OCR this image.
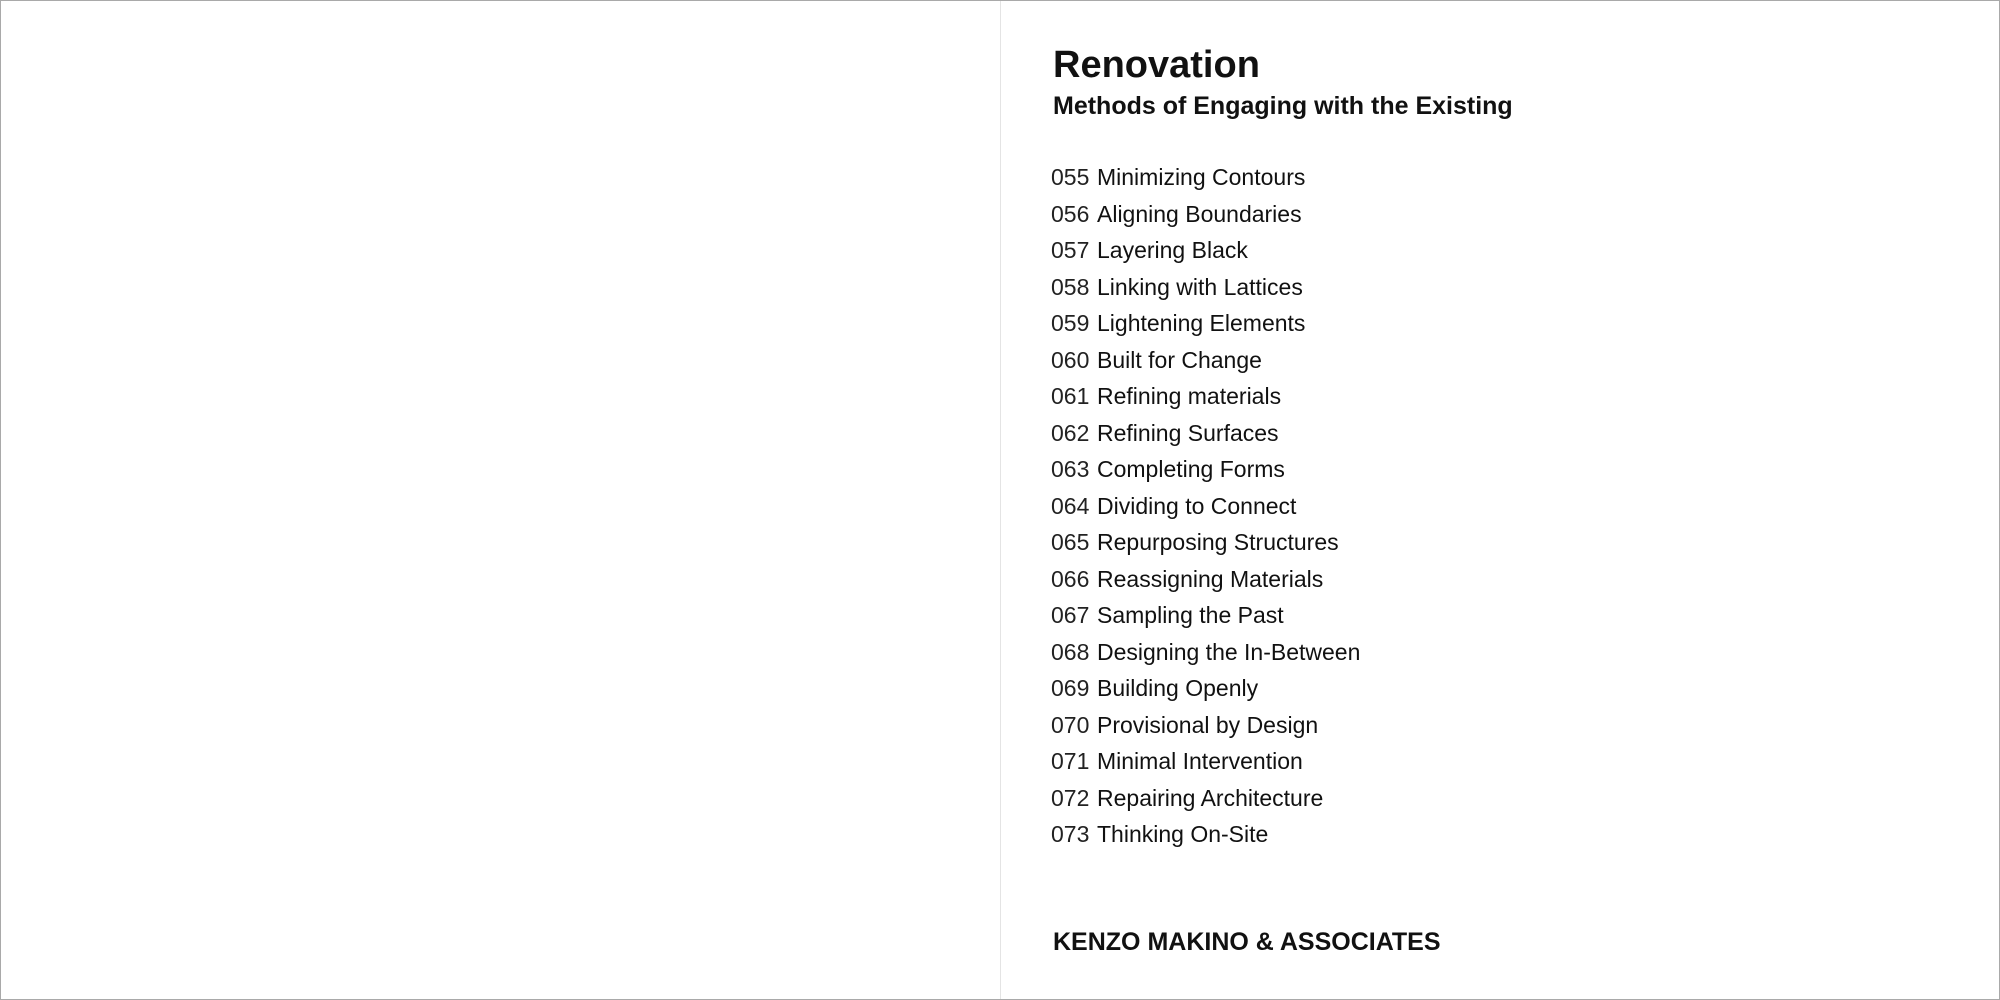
Renovation
Methods of Engaging with the Existing
055 Minimizing Contours
056 Aligning Boundaries
057 Layering Black
058 Linking with Lattices
059 Lightening Elements
060 Built for Change
061 Refining materials
062 Refining Surfaces
063 Completing Forms
064 Dividing to Connect
065 Repurposing Structures
066 Reassigning Materials
067 Sampling the Past
068 Designing the In-Between
069 Building Openly
070 Provisional by Design
071 Minimal Intervention
072 Repairing Architecture
073 Thinking On-Site
KENZO MAKINO & ASSOCIATES
